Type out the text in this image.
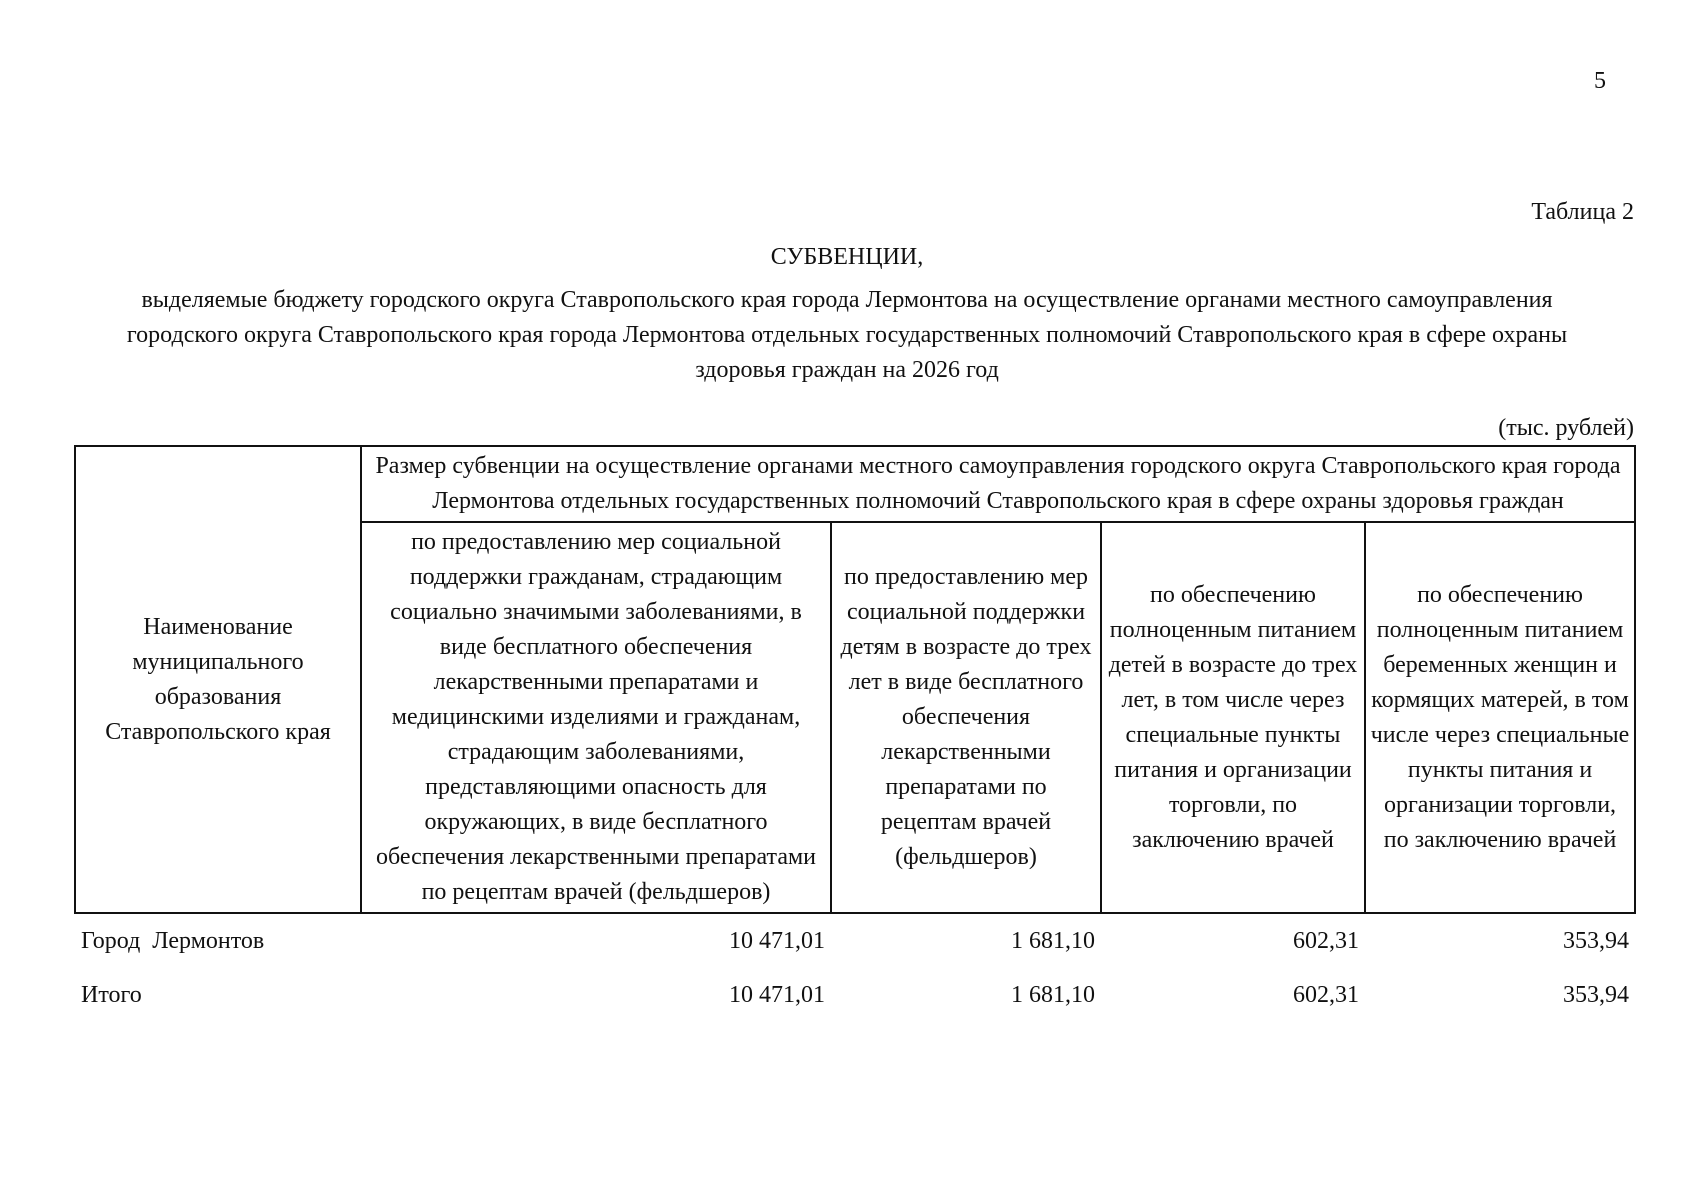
5
Таблица 2
СУБВЕНЦИИ,
выделяемые бюджету городского округа Ставропольского края города Лермонтова на осуществление органами местного самоуправления городского округа Ставропольского края города Лермонтова отдельных государственных полномочий Ставропольского края в сфере охраны здоровья граждан на 2026 год
(тыс. рублей)
Наименование муниципального образования Ставропольского края	Размер субвенции на осуществление органами местного самоуправления городского округа Ставропольского края города Лермонтова отдельных государственных полномочий Ставропольского края в сфере охраны здоровья граждан			
	по предоставлению мер социальной поддержки гражданам, страдающим социально значимыми заболеваниями, в виде бесплатного обеспечения лекарственными препаратами и медицинскими изделиями и гражданам, страдающим заболеваниями, представляющими опасность для окружающих, в виде бесплатного обеспечения лекарственными препаратами по рецептам врачей (фельдшеров)	по предоставлению мер социальной поддержки детям в возрасте до трех лет в виде бесплатного обеспечения лекарственными препаратами по рецептам врачей (фельдшеров)	по обеспечению полноценным питанием детей в возрасте до трех лет, в том числе через специальные пункты питания и организации торговли, по заключению врачей	по обеспечению полноценным питанием беременных женщин и кормящих матерей, в том числе через специальные пункты питания и организации торговли, по заключению врачей
Город  Лермонтов	10 471,01	1 681,10	602,31	353,94
Итого	10 471,01	1 681,10	602,31	353,94
